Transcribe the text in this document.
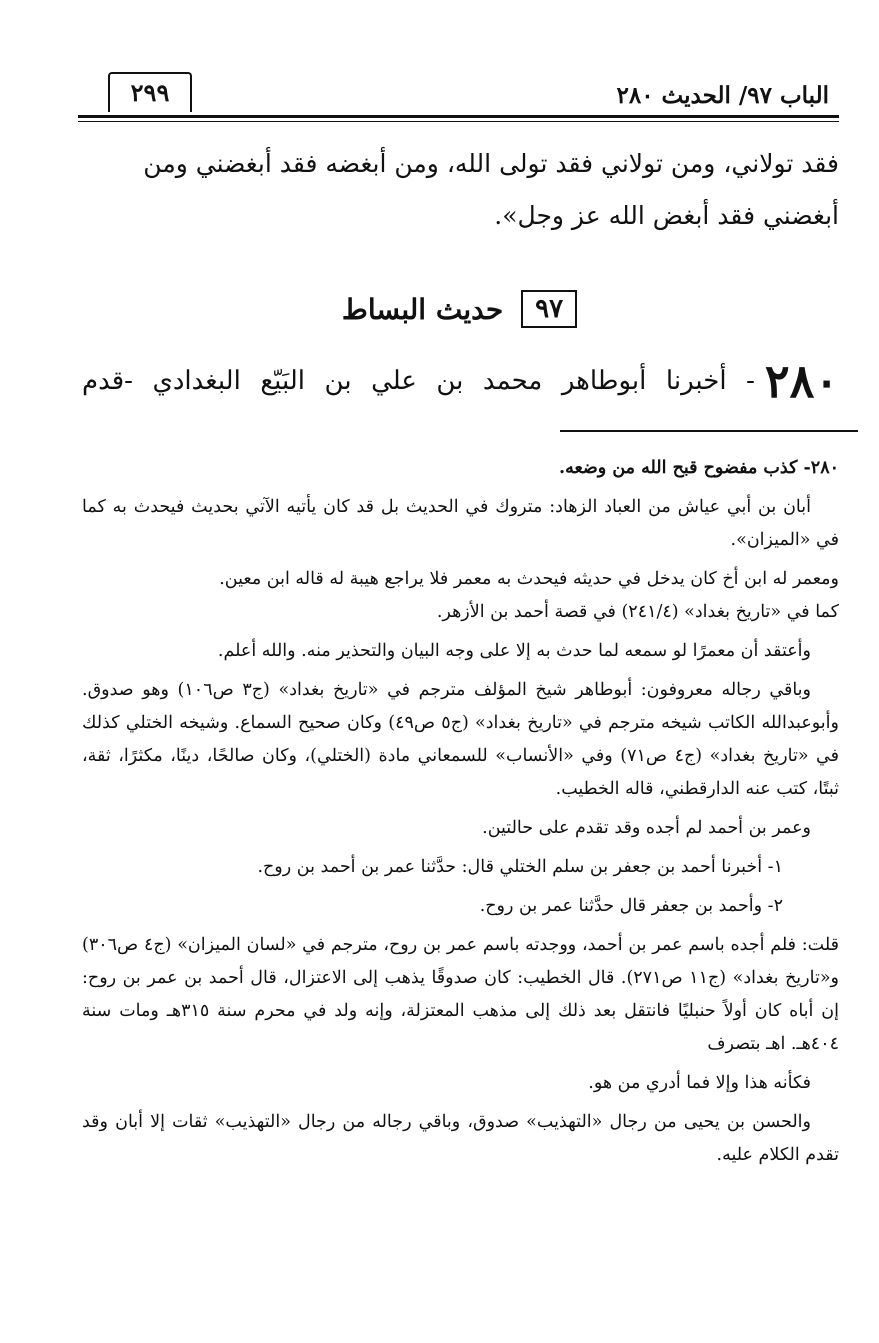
٢٩٩	الباب ٩٧/ الحديث ٢٨٠

فقد تولاني، ومن تولاني فقد تولى الله، ومن أبغضه فقد أبغضني ومن

أبغضني فقد أبغض الله عز وجل».

٩٧
حديث البساط
٢٨٠
- أخبرنا أبوطاهر محمد بن علي بن البَيّع البغدادي -قدم

٢٨٠- كذب مفضوح قبح الله من وضعه.

أبان بن أبي عياش من العباد الزهاد: متروك في الحديث بل قد كان يأتيه الآتي بحديث فيحدث به كما في «الميزان».

ومعمر له ابن أخ كان يدخل في حديثه فيحدث به معمر فلا يراجع هيبة له قاله ابن معين.

كما في «تاريخ بغداد» (٢٤١/٤) في قصة أحمد بن الأزهر.

وأعتقد أن معمرًا لو سمعه لما حدث به إلا على وجه البيان والتحذير منه. والله أعلم.

وباقي رجاله معروفون: أبوطاهر شيخ المؤلف مترجم في «تاريخ بغداد» (ج٣ ص١٠٦) وهو صدوق. وأبوعبدالله الكاتب شيخه مترجم في «تاريخ بغداد» (ج٥ ص٤٩) وكان صحيح السماع. وشيخه الختلي كذلك في «تاريخ بغداد» (ج٤ ص٧١) وفي «الأنساب» للسمعاني مادة (الختلي)، وكان صالحًا، دينًا، مكثرًا، ثقة، ثبتًا، كتب عنه الدارقطني، قاله الخطيب.

وعمر بن أحمد لم أجده وقد تقدم على حالتين.

١- أخبرنا أحمد بن جعفر بن سلم الختلي قال: حدَّثنا عمر بن أحمد بن روح.

٢- وأحمد بن جعفر قال حدَّثنا عمر بن روح.

قلت: فلم أجده باسم عمر بن أحمد، ووجدته باسم عمر بن روح، مترجم في «لسان الميزان» (ج٤ ص٣٠٦) و«تاريخ بغداد» (ج١١ ص٢٧١). قال الخطيب: كان صدوقًا يذهب إلى الاعتزال، قال أحمد بن عمر بن روح: إن أباه كان أولاً حنبليًا فانتقل بعد ذلك إلى مذهب المعتزلة، وإنه ولد في محرم سنة ٣١٥هـ ومات سنة ٤٠٤هـ. اهـ بتصرف

فكأنه هذا وإلا فما أدري من هو.

والحسن بن يحيى من رجال «التهذيب» صدوق، وباقي رجاله من رجال «التهذيب» ثقات إلا أبان وقد تقدم الكلام عليه.
